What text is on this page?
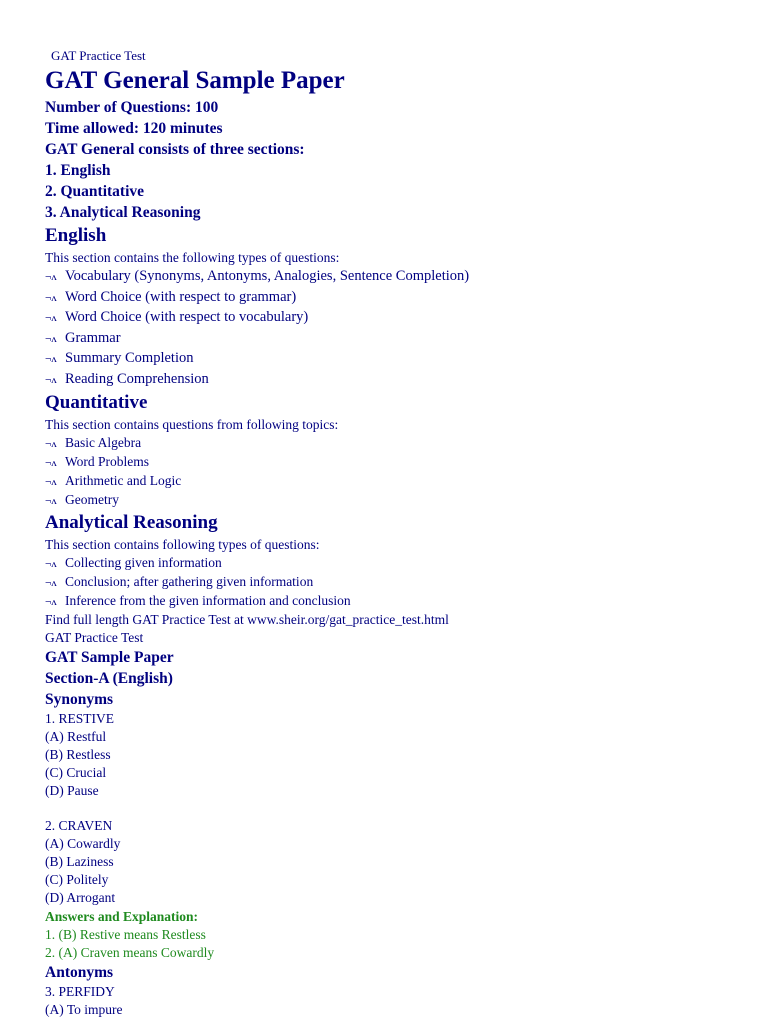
GAT Practice Test
GAT General Sample Paper
Number of Questions: 100
Time allowed: 120 minutes
GAT General consists of three sections:
1. English
2. Quantitative
3. Analytical Reasoning
English
This section contains the following types of questions:
¬ʌ Vocabulary (Synonyms, Antonyms, Analogies, Sentence Completion)
¬ʌ Word Choice (with respect to grammar)
¬ʌ Word Choice (with respect to vocabulary)
¬ʌ Grammar
¬ʌ Summary Completion
¬ʌ Reading Comprehension
Quantitative
This section contains questions from following topics:
¬ʌ Basic Algebra
¬ʌ Word Problems
¬ʌ Arithmetic and Logic
¬ʌ Geometry
Analytical Reasoning
This section contains following types of questions:
¬ʌ Collecting given information
¬ʌ Conclusion; after gathering given information
¬ʌ Inference from the given information and conclusion
Find full length GAT Practice Test at www.sheir.org/gat_practice_test.html
GAT Practice Test
GAT Sample Paper
Section-A (English)
Synonyms
1. RESTIVE
(A) Restful
(B) Restless
(C) Crucial
(D) Pause
2. CRAVEN
(A) Cowardly
(B) Laziness
(C) Politely
(D) Arrogant
Answers and Explanation:
1. (B) Restive means Restless
2. (A) Craven means Cowardly
Antonyms
3. PERFIDY
(A) To impure
